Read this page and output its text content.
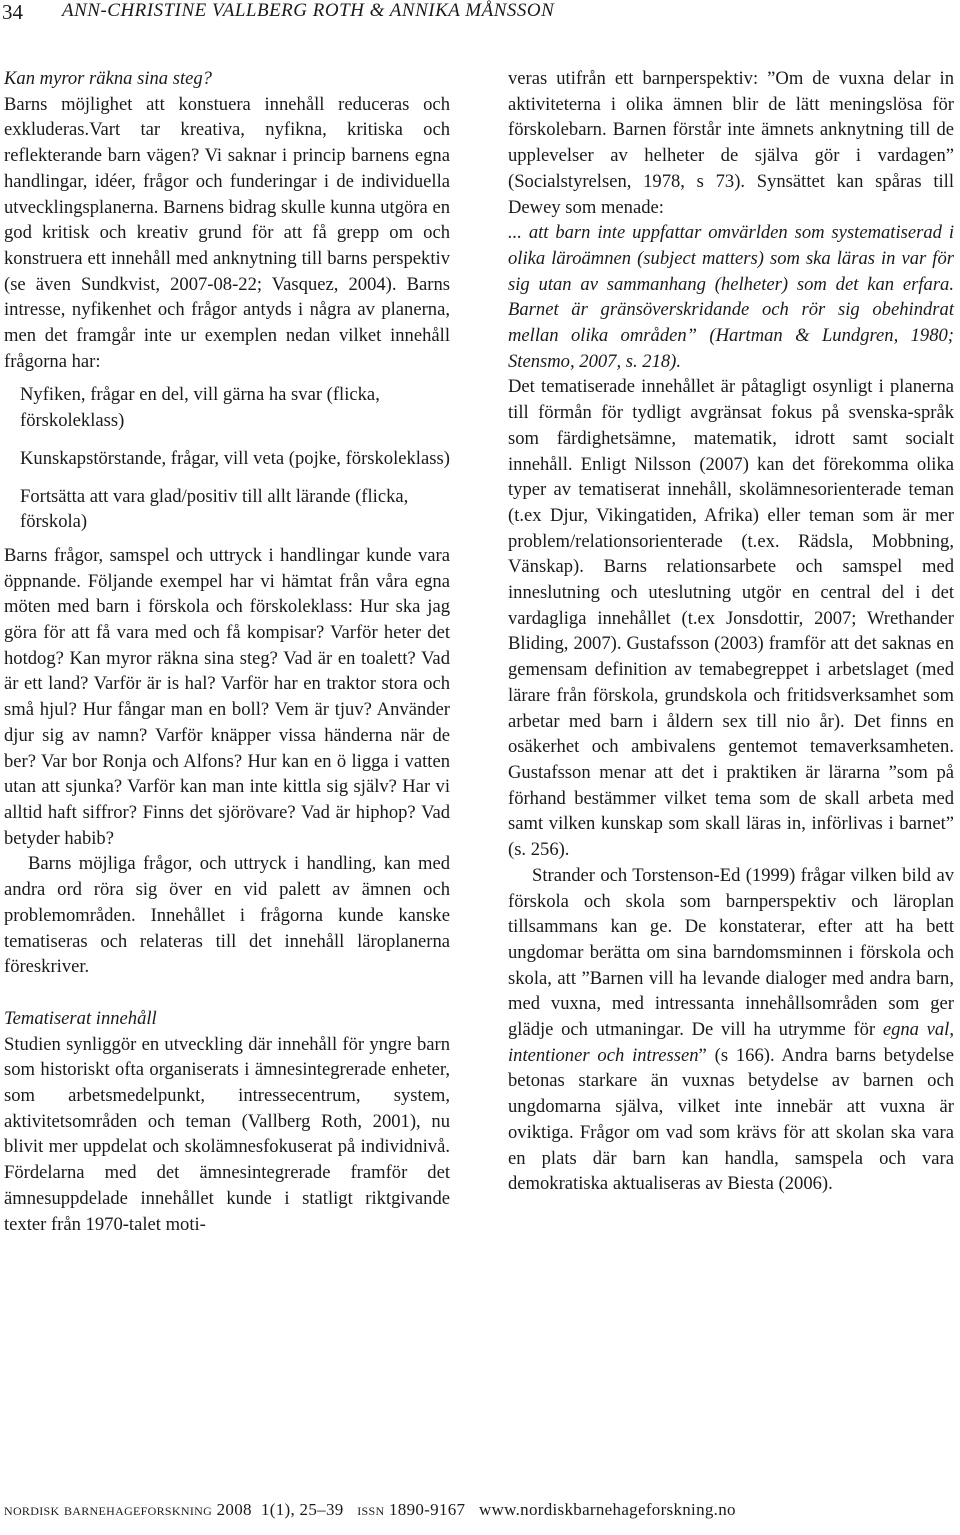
34 ANN-CHRISTINE VALLBERG ROTH & ANNIKA MÅNSSON

Kan myror räkna sina steg?

Barns möjlighet att konstuera innehåll reduceras och exkluderas.Vart tar kreativa, nyfikna, kritiska och reflekterande barn vägen? Vi saknar i princip barnens egna handlingar, idéer, frågor och funderingar i de individuella utvecklingsplanerna. Barnens bidrag skulle kunna utgöra en god kritisk och kreativ grund för att få grepp om och konstruera ett innehåll med anknytning till barns perspektiv (se även Sundkvist, 2007-08-22; Vasquez, 2004). Barns intresse, nyfikenhet och frågor antyds i några av planerna, men det framgår inte ur exemplen nedan vilket innehåll frågorna har:

Nyfiken, frågar en del, vill gärna ha svar (flicka, förskoleklass)
Kunskapstörstande, frågar, vill veta (pojke, förskoleklass)
Fortsätta att vara glad/positiv till allt lärande (flicka, förskola)

Barns frågor, samspel och uttryck i handlingar kunde vara öppnande. Följande exempel har vi hämtat från våra egna möten med barn i förskola och förskoleklass: Hur ska jag göra för att få vara med och få kompisar? Varför heter det hotdog? Kan myror räkna sina steg? Vad är en toalett? Vad är ett land? Varför är is hal? Varför har en traktor stora och små hjul? Hur fångar man en boll? Vem är tjuv? Använder djur sig av namn? Varför knäpper vissa händerna när de ber? Var bor Ronja och Alfons? Hur kan en ö ligga i vatten utan att sjunka? Varför kan man inte kittla sig själv? Har vi alltid haft siffror? Finns det sjörövare? Vad är hiphop? Vad betyder habib?

Barns möjliga frågor, och uttryck i handling, kan med andra ord röra sig över en vid palett av ämnen och problemområden. Innehållet i frågorna kunde kanske tematiseras och relateras till det innehåll läroplanerna föreskriver.

Tematiserat innehåll

Studien synliggör en utveckling där innehåll för yngre barn som historiskt ofta organiserats i ämnesintegrerade enheter, som arbetsmedelpunkt, intressecentrum, system, aktivitetsområden och teman (Vallberg Roth, 2001), nu blivit mer uppdelat och skolämnesfokuserat på individnivå. Fördelarna med det ämnesintegrerade framför det ämnesuppdelade innehållet kunde i statligt riktgivande texter från 1970-talet moti-

veras utifrån ett barnperspektiv: ”Om de vuxna delar in aktiviteterna i olika ämnen blir de lätt meningslösa för förskolebarn. Barnen förstår inte ämnets anknytning till de upplevelser av helheter de själva gör i vardagen” (Socialstyrelsen, 1978, s 73). Synsättet kan spåras till Dewey som menade:

... att barn inte uppfattar omvärlden som systematiserad i olika läroämnen (subject matters) som ska läras in var för sig utan av sammanhang (helheter) som det kan erfara. Barnet är gränsöverskridande och rör sig obehindrat mellan olika områden” (Hartman & Lundgren, 1980; Stensmo, 2007, s. 218).

Det tematiserade innehållet är påtagligt osynligt i planerna till förmån för tydligt avgränsat fokus på svenska-språk som färdighetsämne, matematik, idrott samt socialt innehåll. Enligt Nilsson (2007) kan det förekomma olika typer av tematiserat innehåll, skolämnesorienterade teman (t.ex Djur, Vikingatiden, Afrika) eller teman som är mer problem/relationsorienterade (t.ex. Rädsla, Mobbning, Vänskap). Barns relationsarbete och samspel med inneslutning och uteslutning utgör en central del i det vardagliga innehållet (t.ex Jonsdottir, 2007; Wrethander Bliding, 2007). Gustafsson (2003) framför att det saknas en gemensam definition av temabegreppet i arbetslaget (med lärare från förskola, grundskola och fritidsverksamhet som arbetar med barn i åldern sex till nio år). Det finns en osäkerhet och ambivalens gentemot temaverksamheten. Gustafsson menar att det i praktiken är lärarna ”som på förhand bestämmer vilket tema som de skall arbeta med samt vilken kunskap som skall läras in, införlivas i barnet” (s. 256).

Strander och Torstenson-Ed (1999) frågar vilken bild av förskola och skola som barnperspektiv och läroplan tillsammans kan ge. De konstaterar, efter att ha bett ungdomar berätta om sina barndomsminnen i förskola och skola, att ”Barnen vill ha levande dialoger med andra barn, med vuxna, med intressanta innehållsområden som ger glädje och utmaningar. De vill ha utrymme för egna val, intentioner och intressen” (s 166). Andra barns betydelse betonas starkare än vuxnas betydelse av barnen och ungdomarna själva, vilket inte innebär att vuxna är oviktiga. Frågor om vad som krävs för att skolan ska vara en plats där barn kan handla, samspela och vara demokratiska aktualiseras av Biesta (2006).

nordisk barnehageforskning 2008 1(1), 25–39 issn 1890-9167 www.nordiskbarnehageforskning.no
